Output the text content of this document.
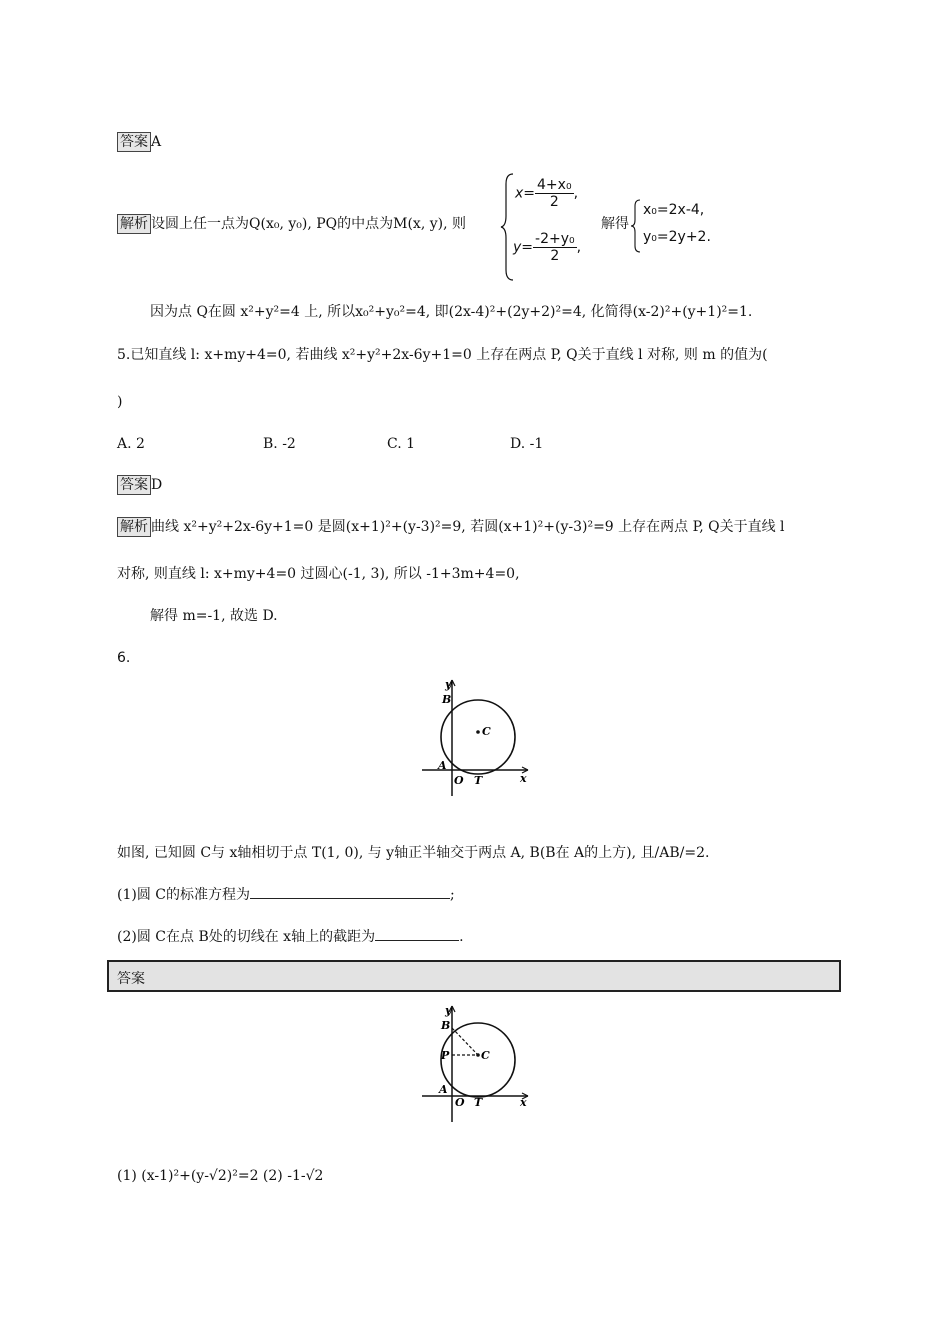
答案 A
解析 设圆上任一点为Q(x₀, y₀), PQ的中点为M(x, y), 则
$x= \frac{\text{4+x₀}}{2}$ ,
$y= \frac{\text{-2+y₀}}{2}$ ,
解得
x₀=2x-4,
y₀=2y+2.
因为点 Q在圆 x²+y²=4 上, 所以x₀²+y₀²=4, 即(2x-4)²+(2y+2)²=4, 化简得(x-2)²+(y+1)²=1.
5.已知直线 l: x+my+4=0, 若曲线 x²+y²+2x-6y+1=0 上存在两点 P, Q关于直线 l 对称, 则 m 的值为(
)
A. 2	B. -2	C. 1	D. -1
答案 D
解析 曲线 x²+y²+2x-6y+1=0 是圆(x+1)²+(y-3)²=9, 若圆(x+1)²+(y-3)²=9 上存在两点 P, Q关于直线 l
对称, 则直线 l: x+my+4=0 过圆心(-1, 3), 所以 -1+3m+4=0,
解得 m=-1, 故选 D.
6.
y
B
A
O T
C
x
如图, 已知圆 C与 x轴相切于点 T(1, 0), 与 y轴正半轴交于两点 A, B(B在 A的上方), 且/AB/=2.
(1)圆 C的标准方程为	;
(2)圆 C在点 B处的切线在 x轴上的截距为	.
答案
y
B
P
A
O T
C
x
(1) (x-1)²+(y-√2)²=2 (2) -1-√2
